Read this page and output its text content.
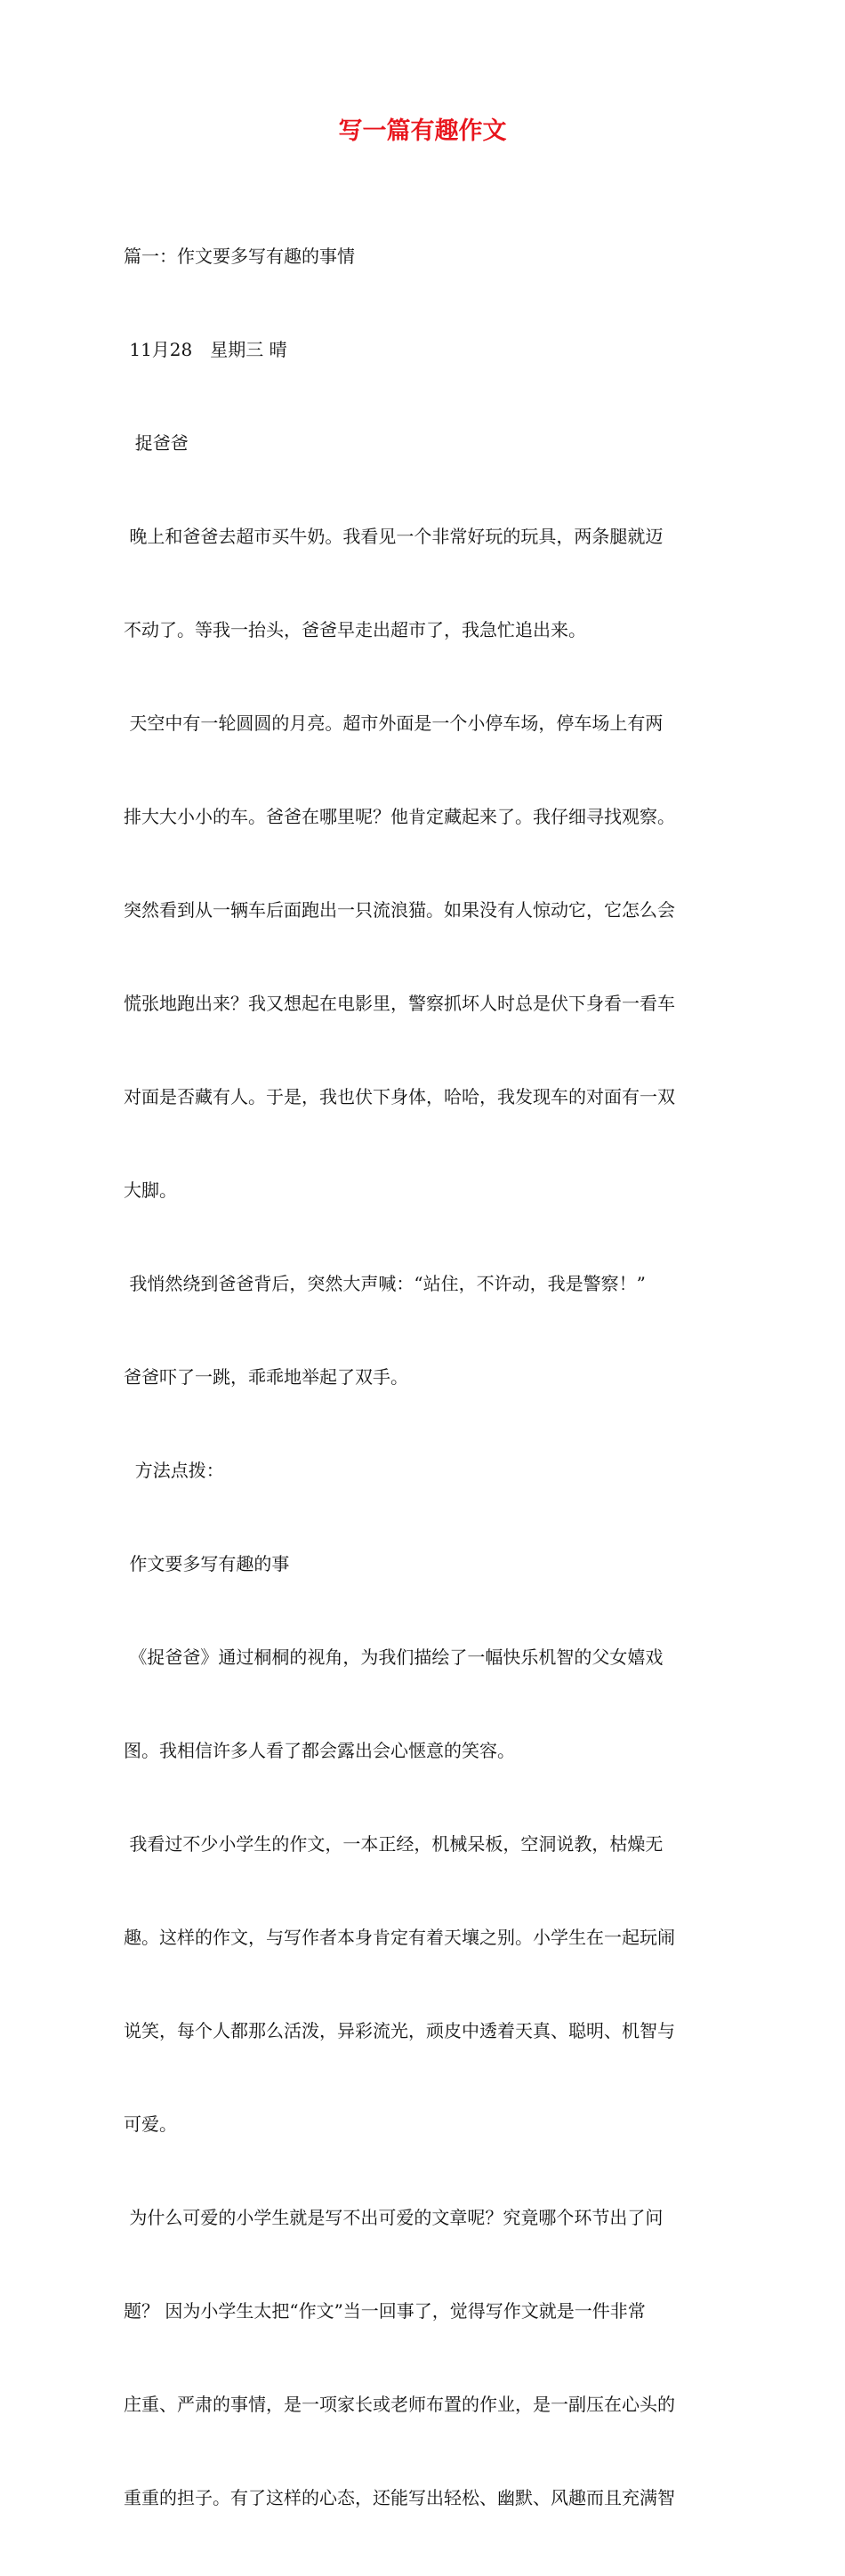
写一篇有趣作文

篇一：作文要多写有趣的事情

11月28　星期三 晴

捉爸爸

晚上和爸爸去超市买牛奶。我看见一个非常好玩的玩具，两条腿就迈

不动了。等我一抬头，爸爸早走出超市了，我急忙追出来。

天空中有一轮圆圆的月亮。超市外面是一个小停车场，停车场上有两

排大大小小的车。爸爸在哪里呢？他肯定藏起来了。我仔细寻找观察。

突然看到从一辆车后面跑出一只流浪猫。如果没有人惊动它，它怎么会

慌张地跑出来？我又想起在电影里，警察抓坏人时总是伏下身看一看车

对面是否藏有人。于是，我也伏下身体，哈哈，我发现车的对面有一双

大脚。

我悄然绕到爸爸背后，突然大声喊：“站住，不许动，我是警察！”

爸爸吓了一跳，乖乖地举起了双手。

方法点拨：

作文要多写有趣的事

《捉爸爸》通过桐桐的视角，为我们描绘了一幅快乐机智的父女嬉戏

图。我相信许多人看了都会露出会心惬意的笑容。

我看过不少小学生的作文，一本正经，机械呆板，空洞说教，枯燥无

趣。这样的作文，与写作者本身肯定有着天壤之别。小学生在一起玩闹

说笑，每个人都那么活泼，异彩流光，顽皮中透着天真、聪明、机智与

可爱。

为什么可爱的小学生就是写不出可爱的文章呢？究竟哪个环节出了问

题？ 因为小学生太把“作文”当一回事了，觉得写作文就是一件非常

庄重、严肃的事情，是一项家长或老师布置的作业，是一副压在心头的

重重的担子。有了这样的心态，还能写出轻松、幽默、风趣而且充满智
